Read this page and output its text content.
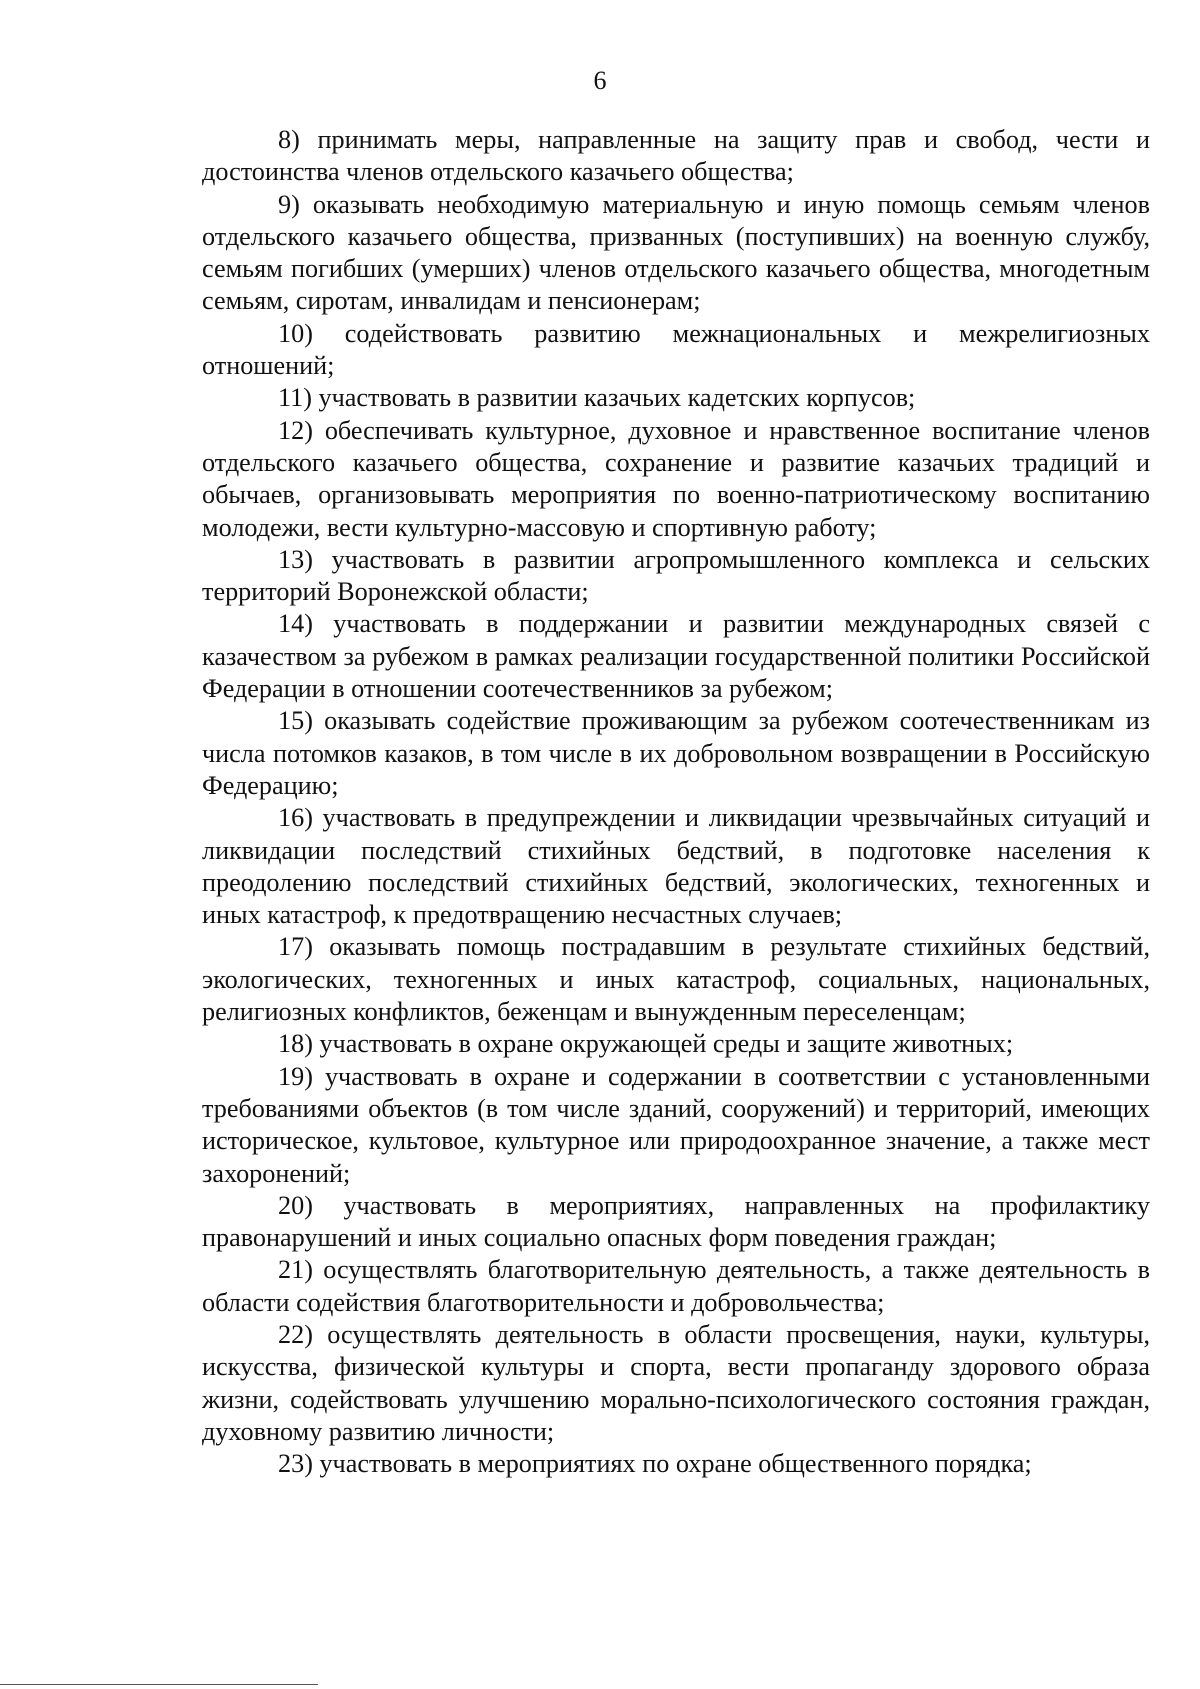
6

8) принимать меры, направленные на защиту прав и свобод, чести и достоинства членов отдельского казачьего общества;

9) оказывать необходимую материальную и иную помощь семьям членов отдельского казачьего общества, призванных (поступивших) на военную службу, семьям погибших (умерших) членов отдельского казачьего общества, многодетным семьям, сиротам, инвалидам и пенсионерам;

10) содействовать развитию межнациональных и межрелигиозных отношений;

11) участвовать в развитии казачьих кадетских корпусов;

12) обеспечивать культурное, духовное и нравственное воспитание членов отдельского казачьего общества, сохранение и развитие казачьих традиций и обычаев, организовывать мероприятия по военно-патриотическому воспитанию молодежи, вести культурно-массовую и спортивную работу;

13) участвовать в развитии агропромышленного комплекса и сельских территорий Воронежской области;

14) участвовать в поддержании и развитии международных связей с казачеством за рубежом в рамках реализации государственной политики Российской Федерации в отношении соотечественников за рубежом;

15) оказывать содействие проживающим за рубежом соотечественникам из числа потомков казаков, в том числе в их добровольном возвращении в Российскую Федерацию;

16) участвовать в предупреждении и ликвидации чрезвычайных ситуаций и ликвидации последствий стихийных бедствий, в подготовке населения к преодолению последствий стихийных бедствий, экологических, техногенных и иных катастроф, к предотвращению несчастных случаев;

17) оказывать помощь пострадавшим в результате стихийных бедствий, экологических, техногенных и иных катастроф, социальных, национальных, религиозных конфликтов, беженцам и вынужденным переселенцам;

18) участвовать в охране окружающей среды и защите животных;

19) участвовать в охране и содержании в соответствии с установленными требованиями объектов (в том числе зданий, сооружений) и территорий, имеющих историческое, культовое, культурное или природоохранное значение, а также мест захоронений;

20) участвовать в мероприятиях, направленных на профилактику правонарушений и иных социально опасных форм поведения граждан;

21) осуществлять благотворительную деятельность, а также деятельность в области содействия благотворительности и добровольчества;

22) осуществлять деятельность в области просвещения, науки, культуры, искусства, физической культуры и спорта, вести пропаганду здорового образа жизни, содействовать улучшению морально-психологического состояния граждан, духовному развитию личности;

23) участвовать в мероприятиях по охране общественного порядка;
